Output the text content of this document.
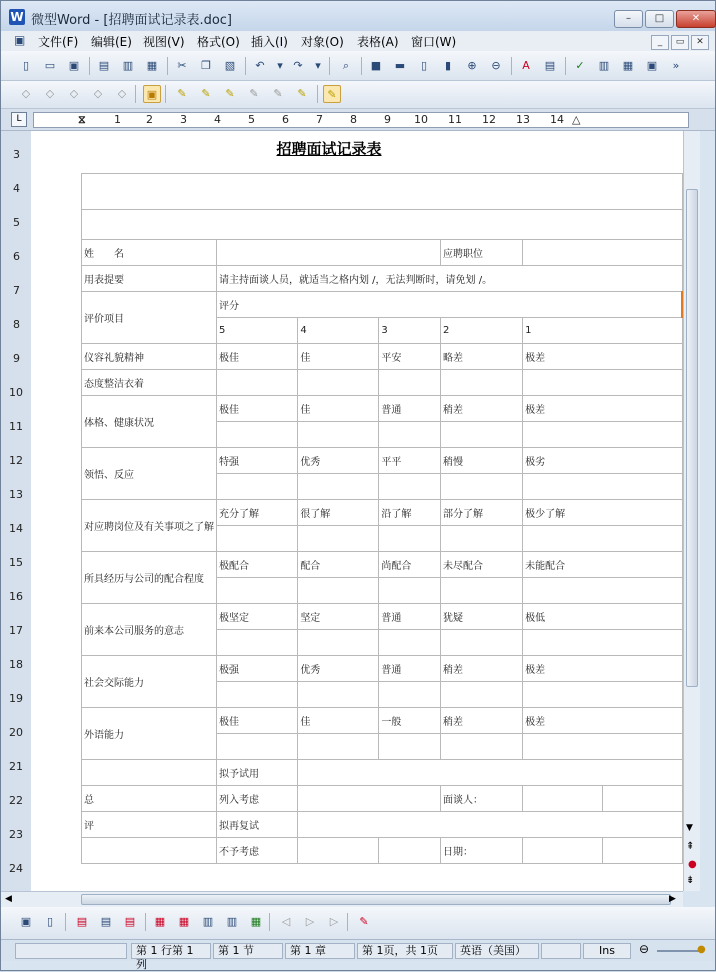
W 微型Word - [招聘面试记录表.doc]	–	□	✕
▣ 文件(F) 编辑(E) 视图(V) 格式(O) 插入(I) 对象(O) 表格(A) 窗口(W)	_ ▭ ✕
▯	▭	▣	▤	▥	▦	✂	❐	▧	↶	▾ ↷	▾	⌕	■	▬	▯	▮	⊕	⊖	A	▤	✓	▥	▦	▣	»
◇	◇	◇	◇	◇	▣	✎	✎	✎	✎	✎	✎	✎
L	⧖	1 2 3 4 5 6 7 8 9 10 11 12 13 14 △
3
4
5
6
7
8
9
10
11
12
13
14
15
16
17
18
19
20
21
22
23
24
招聘面试记录表

姓　　名				应聘职位		
用表提要	请主持面谈人员，就适当之格内划 /，无法判断时，请免划 /。					
评价项目	评分					
	5	4	3	2	1	
仪容礼貌精神	极佳	佳	平安	略差	极差	
态度整洁衣着						
体格、健康状况	极佳	佳	普通	稍差	极差	

领悟、反应	特强	优秀	平平	稍慢	极劣	

对应聘岗位及有关事项之了解	充分了解	很了解	沿了解	部分了解	极少了解	

所具经历与公司的配合程度	极配合	配合	尚配合	未尽配合	未能配合	

前来本公司服务的意志	极坚定	坚定	普通	犹疑	极低	

社会交际能力	极强	优秀	普通	稍差	极差	

外语能力	极佳	佳	一般	稍差	极差	

	拟予试用					
总	列入考虑			面谈人：		
评	拟再复试					
	不予考虑			日期：		
▼
⇞
●
⇟
◀	▶
▣	▯	▤	▤	▤	▦	▦	▥	▥	▦	◁	▷	▷	✎
第 1 行第 1 列
第 1 节	第 1 章	第 1页，共 1页	英语（美国）	Ins	⊖	●
